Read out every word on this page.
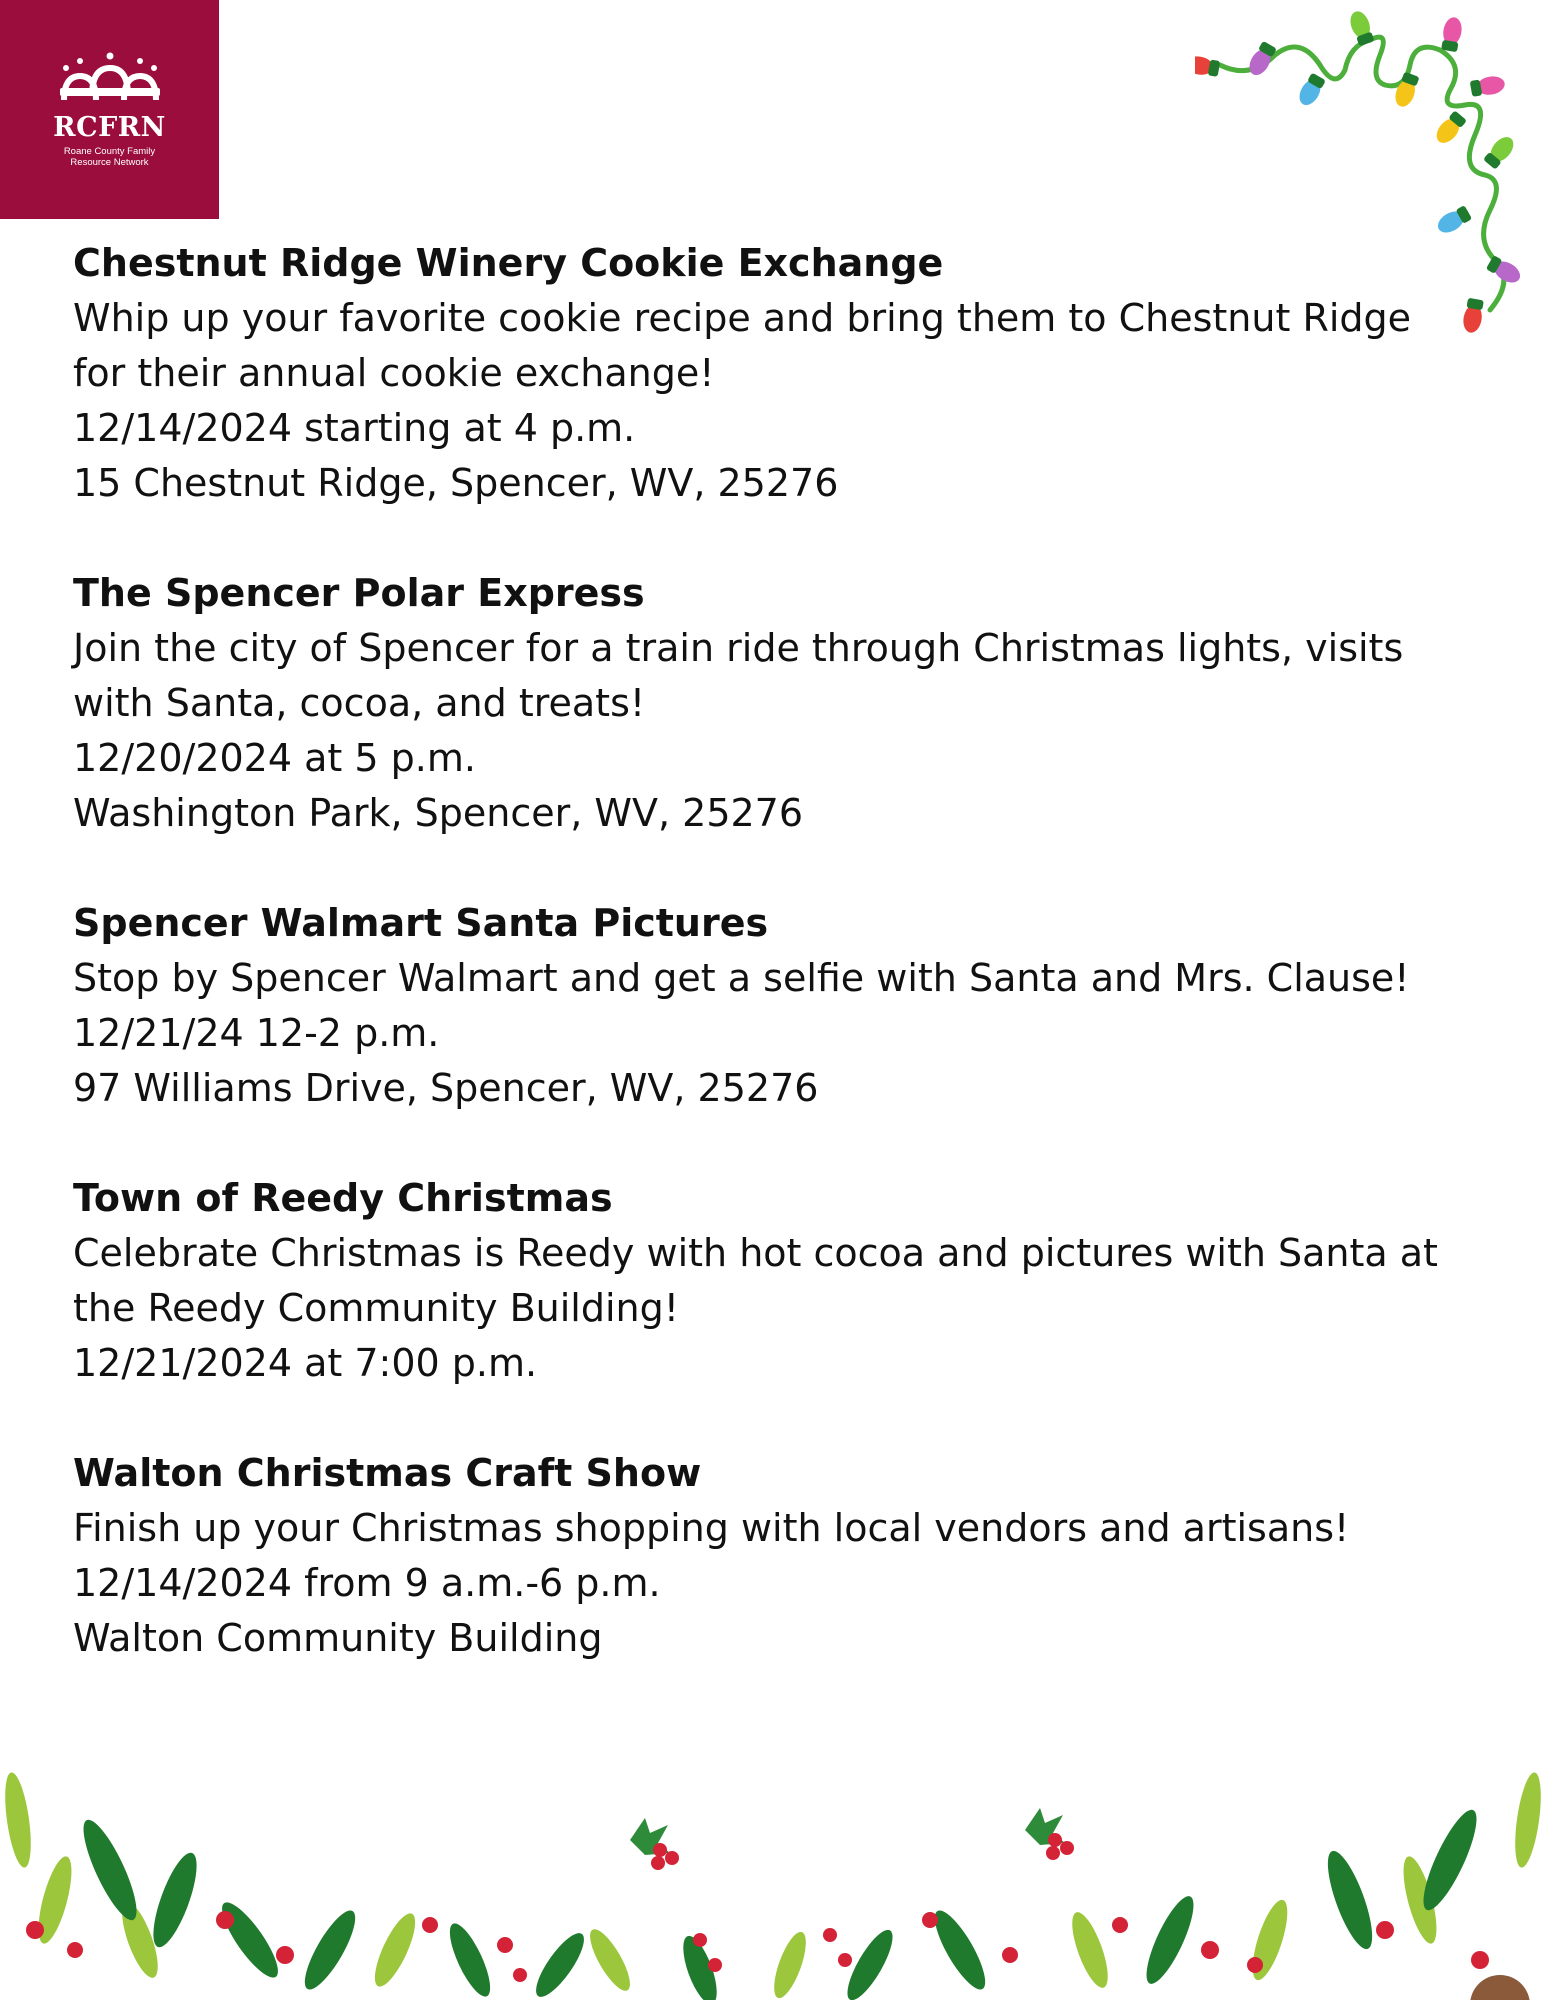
RCFRN
Roane County Family
Resource Network
Chestnut Ridge Winery Cookie Exchange
Whip up your favorite cookie recipe and bring them to Chestnut Ridge
for their annual cookie exchange!
12/14/2024 starting at 4 p.m.
15 Chestnut Ridge, Spencer, WV, 25276
The Spencer Polar Express
Join the city of Spencer for a train ride through Christmas lights, visits
with Santa, cocoa, and treats!
12/20/2024 at 5 p.m.
Washington Park, Spencer, WV, 25276
Spencer Walmart Santa Pictures
Stop by Spencer Walmart and get a selfie with Santa and Mrs. Clause!
12/21/24 12-2 p.m.
97 Williams Drive, Spencer, WV, 25276
Town of Reedy Christmas
Celebrate Christmas is Reedy with hot cocoa and pictures with Santa at
the Reedy Community Building!
12/21/2024 at 7:00 p.m.
Walton Christmas Craft Show
Finish up your Christmas shopping with local vendors and artisans!
12/14/2024 from 9 a.m.-6 p.m.
Walton Community Building
